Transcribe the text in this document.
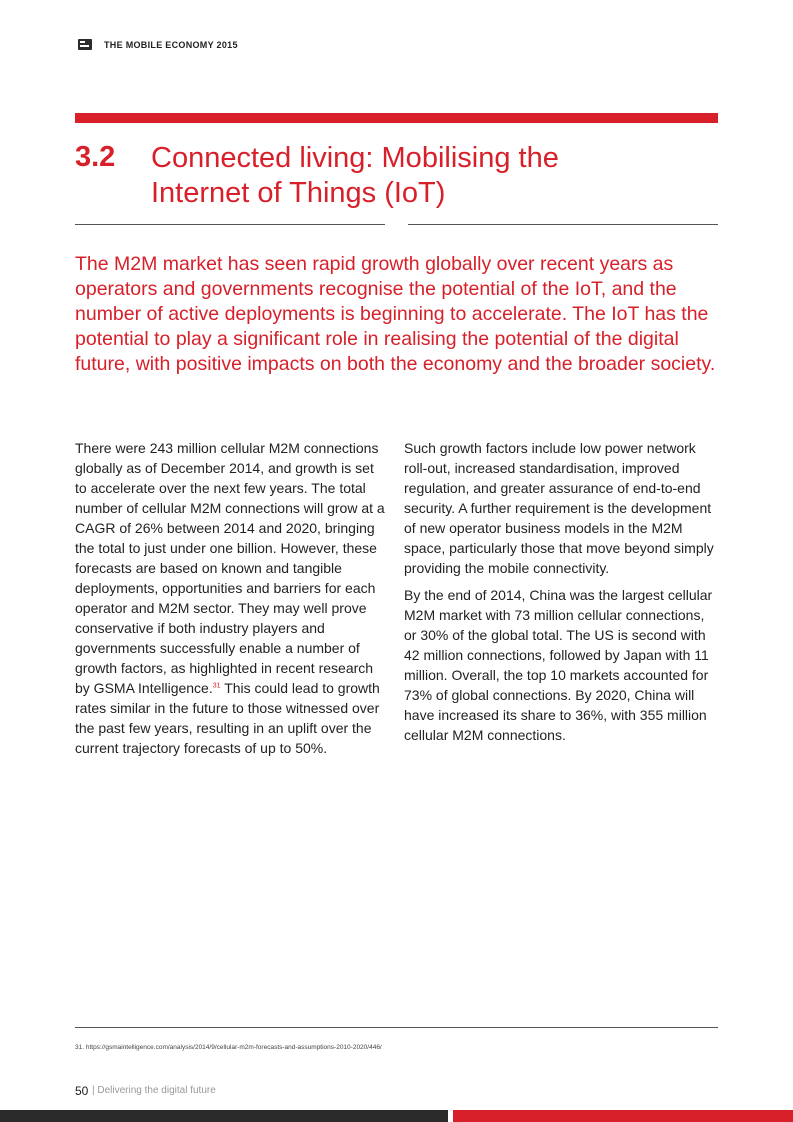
THE MOBILE ECONOMY 2015
3.2 Connected living: Mobilising the
Internet of Things (IoT)

The M2M market has seen rapid growth globally over recent years as operators and governments recognise the potential of the IoT, and the number of active deployments is beginning to accelerate. The IoT has the potential to play a significant role in realising the potential of the digital future, with positive impacts on both the economy and the broader society.

There were 243 million cellular M2M connections globally as of December 2014, and growth is set to accelerate over the next few years. The total number of cellular M2M connections will grow at a CAGR of 26% between 2014 and 2020, bringing the total to just under one billion. However, these forecasts are based on known and tangible deployments, opportunities and barriers for each operator and M2M sector. They may well prove conservative if both industry players and governments successfully enable a number of growth factors, as highlighted in recent research by GSMA Intelligence.$^{31}$ This could lead to growth rates similar in the future to those witnessed over the past few years, resulting in an uplift over the current trajectory forecasts of up to 50%.

Such growth factors include low power network roll-out, increased standardisation, improved regulation, and greater assurance of end-to-end security. A further requirement is the development of new operator business models in the M2M space, particularly those that move beyond simply providing the mobile connectivity.

By the end of 2014, China was the largest cellular M2M market with 73 million cellular connections, or 30% of the global total. The US is second with 42 million connections, followed by Japan with 11 million. Overall, the top 10 markets accounted for 73% of global connections. By 2020, China will have increased its share to 36%, with 355 million cellular M2M connections.

31. https://gsmaintelligence.com/analysis/2014/9/cellular-m2m-forecasts-and-assumptions-2010-2020/446/
50 | Delivering the digital future
